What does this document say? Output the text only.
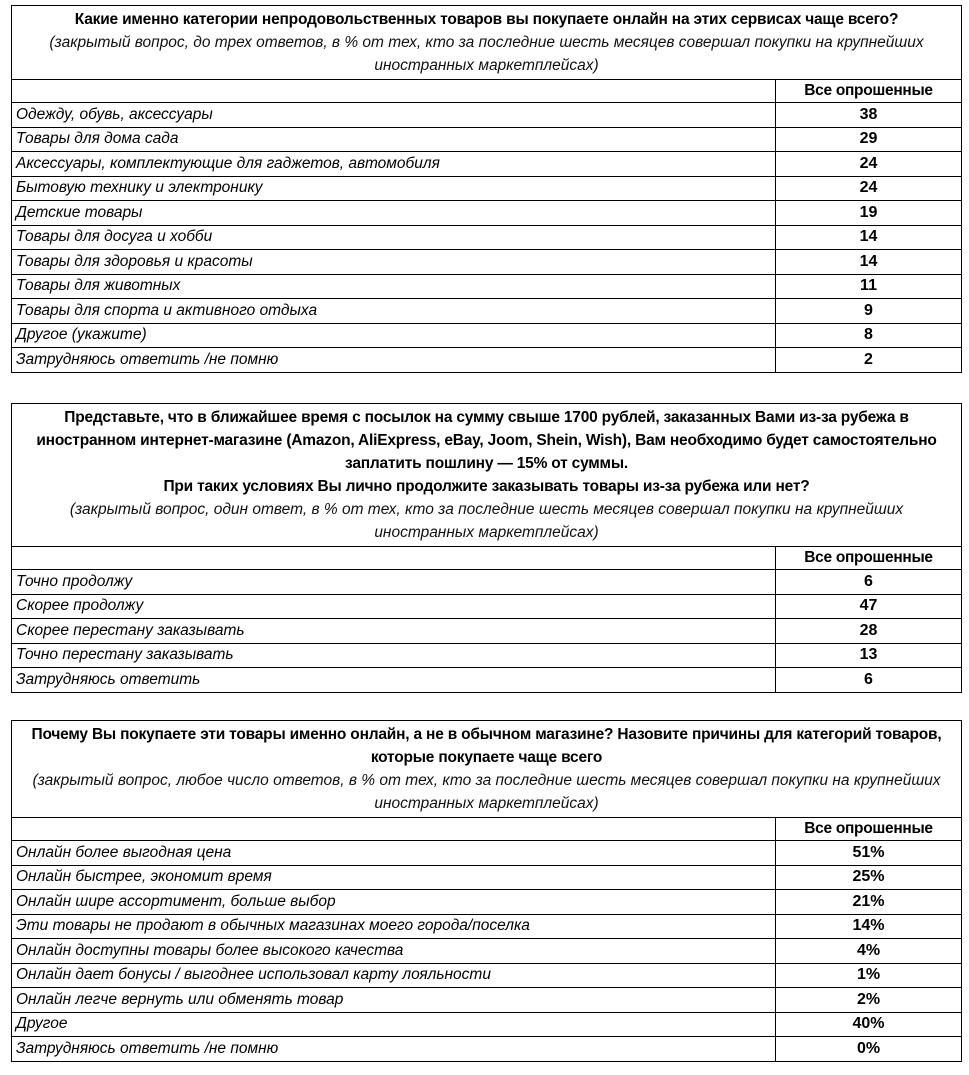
Какие именно категории непродовольственных товаров вы покупаете онлайн на этих сервисах чаще всего?
(закрытый вопрос, до трех ответов, в % от тех, кто за последние шесть месяцев совершал покупки на крупнейших иностранных маркетплейсах)	

	Все опрошенные
Одежду, обувь, аксессуары	38
Товары для дома сада	29
Аксессуары, комплектующие для гаджетов, автомобиля	24
Бытовую технику и электронику	24
Детские товары	19
Товары для досуга и хобби	14
Товары для здоровья и красоты	14
Товары для животных	11
Товары для спорта и активного отдыха	9
Другое (укажите)	8
Затрудняюсь ответить /не помню	2
Представьте, что в ближайшее время с посылок на сумму свыше 1700 рублей, заказанных Вами из-за рубежа в иностранном интернет-магазине (Amazon, AliExpress, eBay, Joom, Shein, Wish), Вам необходимо будет самостоятельно заплатить пошлину — 15% от суммы.
При таких условиях Вы лично продолжите заказывать товары из-за рубежа или нет?
(закрытый вопрос, один ответ, в % от тех, кто за последние шесть месяцев совершал покупки на крупнейших иностранных маркетплейсах)	

	Все опрошенные
Точно продолжу	6
Скорее продолжу	47
Скорее перестану заказывать	28
Точно перестану заказывать	13
Затрудняюсь ответить	6
Почему Вы покупаете эти товары именно онлайн, а не в обычном магазине? Назовите причины для категорий товаров, которые покупаете чаще всего
(закрытый вопрос, любое число ответов, в % от тех, кто за последние шесть месяцев совершал покупки на крупнейших иностранных маркетплейсах)	

	Все опрошенные
Онлайн более выгодная цена	51%
Онлайн быстрее, экономит время	25%
Онлайн шире ассортимент, больше выбор	21%
Эти товары не продают в обычных магазинах моего города/поселка	14%
Онлайн доступны товары более высокого качества	4%
Онлайн дает бонусы / выгоднее использовал карту лояльности	1%
Онлайн легче вернуть или обменять товар	2%
Другое	40%
Затрудняюсь ответить /не помню	0%
